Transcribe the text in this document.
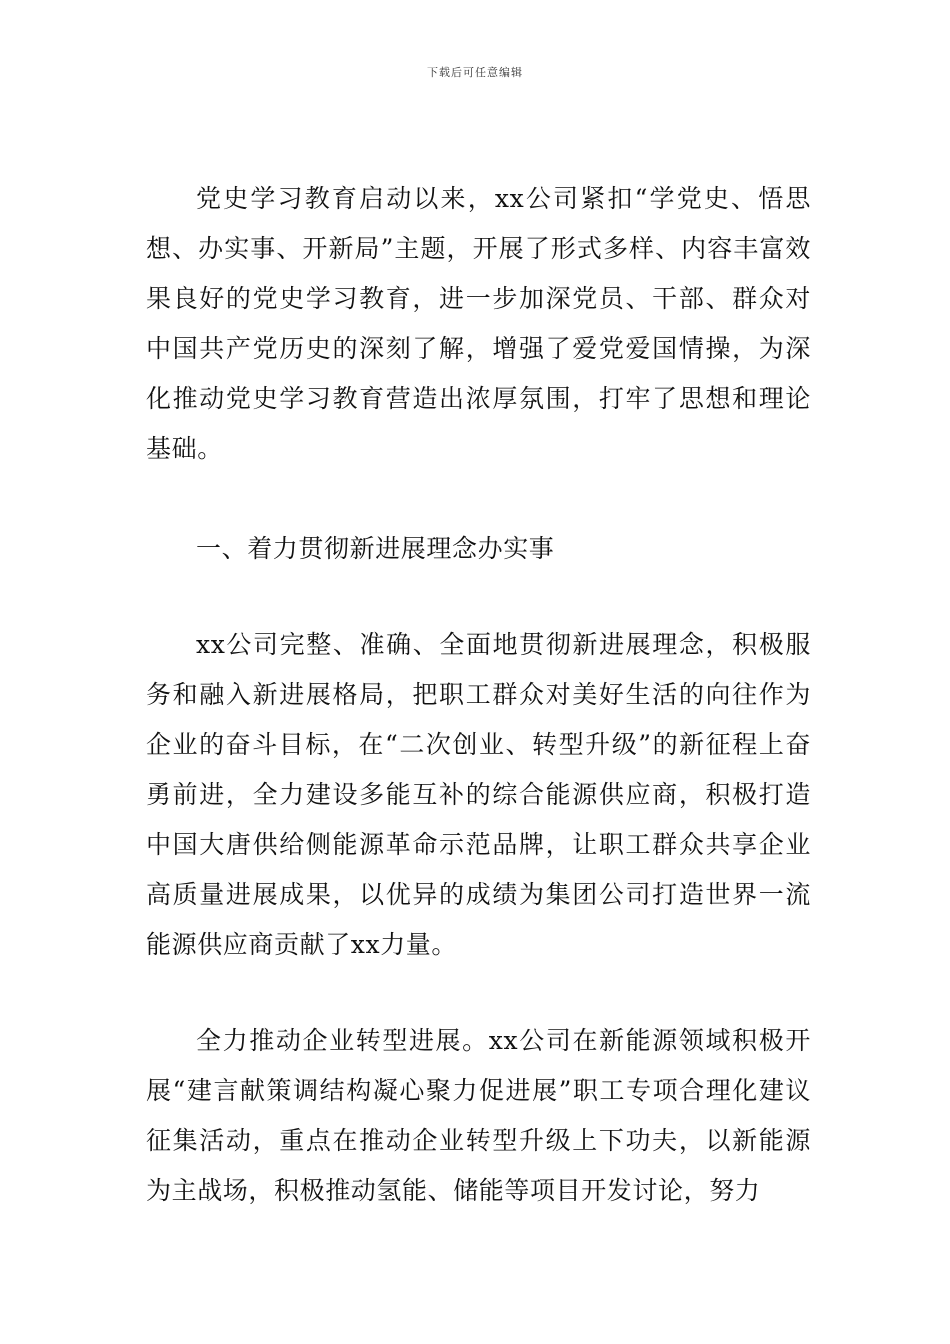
下载后可任意编辑

党史学习教育启动以来，xx公司紧扣“学党史、悟思想、办实事、开新局”主题，开展了形式多样、内容丰富效果良好的党史学习教育，进一步加深党员、干部、群众对中国共产党历史的深刻了解，增强了爱党爱国情操，为深化推动党史学习教育营造出浓厚氛围，打牢了思想和理论基础。

一、着力贯彻新进展理念办实事

xx公司完整、准确、全面地贯彻新进展理念，积极服务和融入新进展格局，把职工群众对美好生活的向往作为企业的奋斗目标，在“二次创业、转型升级”的新征程上奋勇前进，全力建设多能互补的综合能源供应商，积极打造中国大唐供给侧能源革命示范品牌，让职工群众共享企业高质量进展成果，以优异的成绩为集团公司打造世界一流能源供应商贡献了xx力量。

全力推动企业转型进展。xx公司在新能源领域积极开展“建言献策调结构凝心聚力促进展”职工专项合理化建议征集活动，重点在推动企业转型升级上下功夫，以新能源为主战场，积极推动氢能、储能等项目开发讨论，努力
